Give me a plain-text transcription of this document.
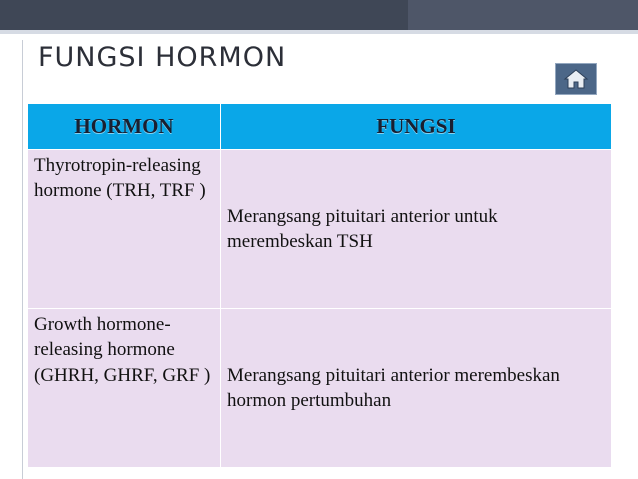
FUNGSI HORMON
HORMON	FUNGSI
Thyrotropin-releasing hormone (TRH, TRF )	Merangsang pituitari anterior untuk merembeskan TSH
Growth hormone-releasing hormone (GHRH, GHRF, GRF )	Merangsang pituitari anterior merembeskan hormon pertumbuhan
